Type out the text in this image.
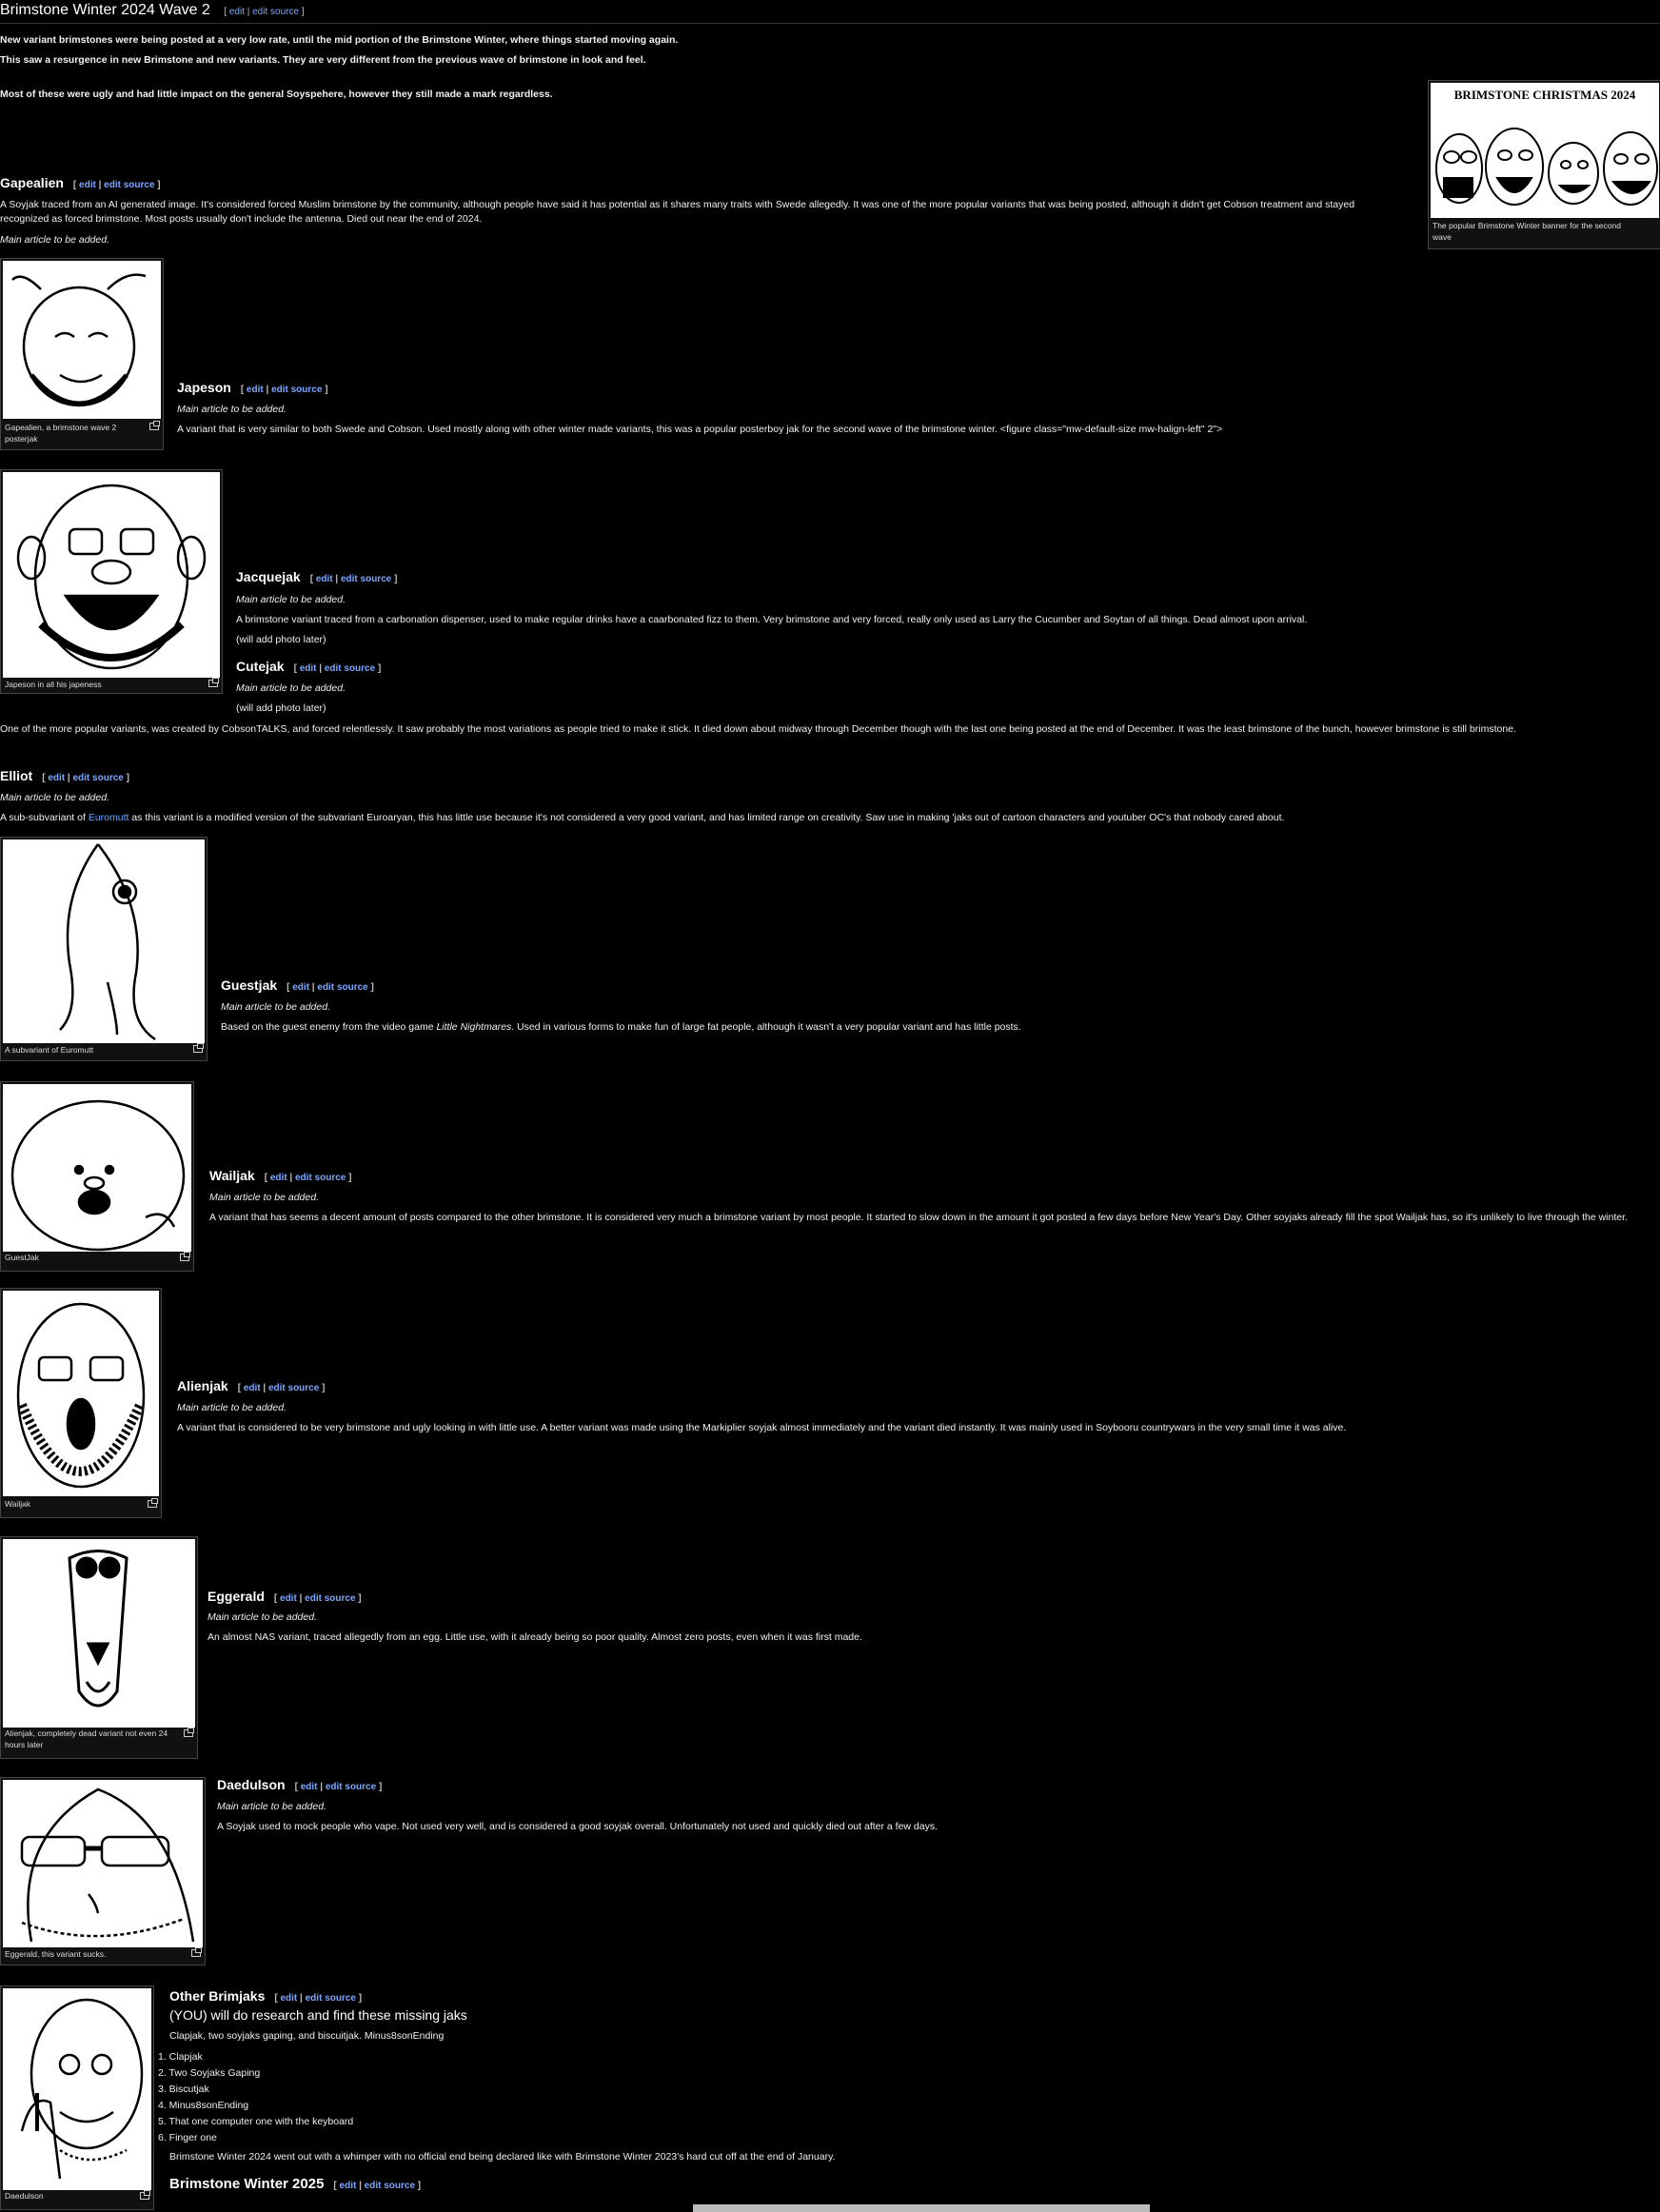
Brimstone Winter 2024 Wave 2 [ edit | edit source ]

New variant brimstones were being posted at a very low rate, until the mid portion of the Brimstone Winter, where things started moving again.

This saw a resurgence in new Brimstone and new variants. They are very different from the previous wave of brimstone in look and feel.

Most of these were ugly and had little impact on the general Soyspehere, however they still made a mark regardless.	BRIMSTONE CHRISTMAS 2024
The popular Brimstone Winter banner for the second wave
Gapealien [ edit | edit source ]

A Soyjak traced from an AI generated image. It's considered forced Muslim brimstone by the community, although people have said it has potential as it shares many traits with Swede allegedly. It was one of the more popular variants that was being posted, although it didn't get Cobson treatment and stayed

recognized as forced brimstone. Most posts usually don't include the antenna. Died out near the end of 2024.

Main article to be added.

Gapealien, a brimstone wave 2 posterjak
Japeson [ edit | edit source ]

Main article to be added.

A variant that is very similar to both Swede and Cobson. Used mostly along with other winter made variants, this was a popular posterboy jak for the second wave of the brimstone winter. <figure class="mw-default-size mw-halign-left" 2">

Japeson in all his japeness
Jacquejak [ edit | edit source ]

Main article to be added.

A brimstone variant traced from a carbonation dispenser, used to make regular drinks have a caarbonated fizz to them. Very brimstone and very forced, really only used as Larry the Cucumber and Soytan of all things. Dead almost upon arrival.

(will add photo later)

Cutejak [ edit | edit source ]

Main article to be added.

(will add photo later)

One of the more popular variants, was created by CobsonTALKS, and forced relentlessly. It saw probably the most variations as people tried to make it stick. It died down about midway through December though with the last one being posted at the end of December. It was the least brimstone of the bunch, however brimstone is still brimstone.

Elliot [ edit | edit source ]

Main article to be added.

A sub-subvariant of Euromutt as this variant is a modified version of the subvariant Euroaryan, this has little use because it's not considered a very good variant, and has limited range on creativity. Saw use in making 'jaks out of cartoon characters and youtuber OC's that nobody cared about.

A subvariant of Euromutt
Guestjak [ edit | edit source ]

Main article to be added.

Based on the guest enemy from the video game Little Nightmares. Used in various forms to make fun of large fat people, although it wasn't a very popular variant and has little posts.

GuestJak
Wailjak [ edit | edit source ]

Main article to be added.

A variant that has seems a decent amount of posts compared to the other brimstone. It is considered very much a brimstone variant by most people. It started to slow down in the amount it got posted a few days before New Year's Day. Other soyjaks already fill the spot Wailjak has, so it's unlikely to live through the winter.

Wailjak
Alienjak [ edit | edit source ]

Main article to be added.

A variant that is considered to be very brimstone and ugly looking in with little use. A better variant was made using the Markiplier soyjak almost immediately and the variant died instantly. It was mainly used in Soybooru countrywars in the very small time it was alive.

Alienjak, completely dead variant not even 24 hours later
Eggerald [ edit | edit source ]

Main article to be added.

An almost NAS variant, traced allegedly from an egg. Little use, with it already being so poor quality. Almost zero posts, even when it was first made.

Eggerald, this variant sucks.
Daedulson [ edit | edit source ]

Main article to be added.

A Soyjak used to mock people who vape. Not used very well, and is considered a good soyjak overall. Unfortunately not used and quickly died out after a few days.

Daedulson
Other Brimjaks [ edit | edit source ]
(YOU) will do research and find these missing jaks

Clapjak, two soyjaks gaping, and biscuitjak. Minus8sonEnding

1. Clapjak
2. Two Soyjaks Gaping
3. Biscutjak
4. Minus8sonEnding
5. That one computer one with the keyboard
6. Finger one

Brimstone Winter 2024 went out with a whimper with no official end being declared like with Brimstone Winter 2023's hard cut off at the end of January.

Brimstone Winter 2025 [ edit | edit source ]
